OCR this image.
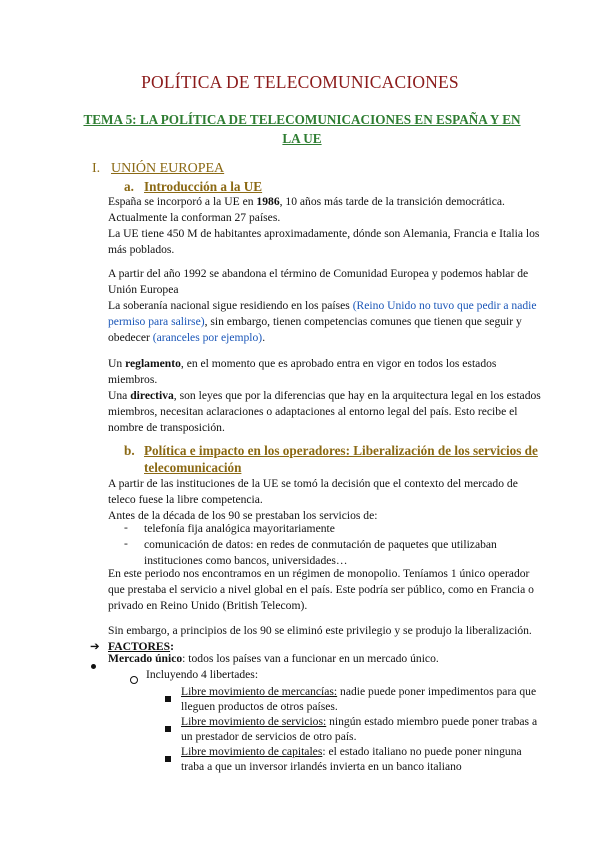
POLÍTICA DE TELECOMUNICACIONES
TEMA 5: LA POLÍTICA DE TELECOMUNICACIONES EN ESPAÑA Y EN LA UE
I. UNIÓN EUROPEA
a. Introducción a la UE
España se incorporó a la UE en 1986, 10 años más tarde de la transición democrática.
Actualmente la conforman 27 países.
La UE tiene 450 M de habitantes aproximadamente, dónde son Alemania, Francia e Italia los
más poblados.
A partir del año 1992 se abandona el término de Comunidad Europea y podemos hablar de
Unión Europea
La soberanía nacional sigue residiendo en los países (Reino Unido no tuvo que pedir a nadie
permiso para salirse), sin embargo, tienen competencias comunes que tienen que seguir y
obedecer (aranceles por ejemplo).
Un reglamento, en el momento que es aprobado entra en vigor en todos los estados
miembros.
Una directiva, son leyes que por la diferencias que hay en la arquitectura legal en los estados
miembros, necesitan aclaraciones o adaptaciones al entorno legal del país. Esto recibe el
nombre de transposición.
b. Política e impacto en los operadores: Liberalización de los servicios de
telecomunicación
A partir de las instituciones de la UE se tomó la decisión que el contexto del mercado de
teleco fuese la libre competencia.
Antes de la década de los 90 se prestaban los servicios de:
- telefonía fija analógica mayoritariamente
- comunicación de datos: en redes de conmutación de paquetes que utilizaban
instituciones como bancos, universidades…
En este periodo nos encontramos en un régimen de monopolio. Teníamos 1 único operador
que prestaba el servicio a nivel global en el país. Este podría ser público, como en Francia o
privado en Reino Unido (British Telecom).
Sin embargo, a principios de los 90 se eliminó este privilegio y se produjo la liberalización.
➔ FACTORES:
Mercado único: todos los países van a funcionar en un mercado único.
Incluyendo 4 libertades:
Libre movimiento de mercancías: nadie puede poner impedimentos para que
lleguen productos de otros países.
Libre movimiento de servicios: ningún estado miembro puede poner trabas a
un prestador de servicios de otro país.
Libre movimiento de capitales: el estado italiano no puede poner ninguna
traba a que un inversor irlandés invierta en un banco italiano
